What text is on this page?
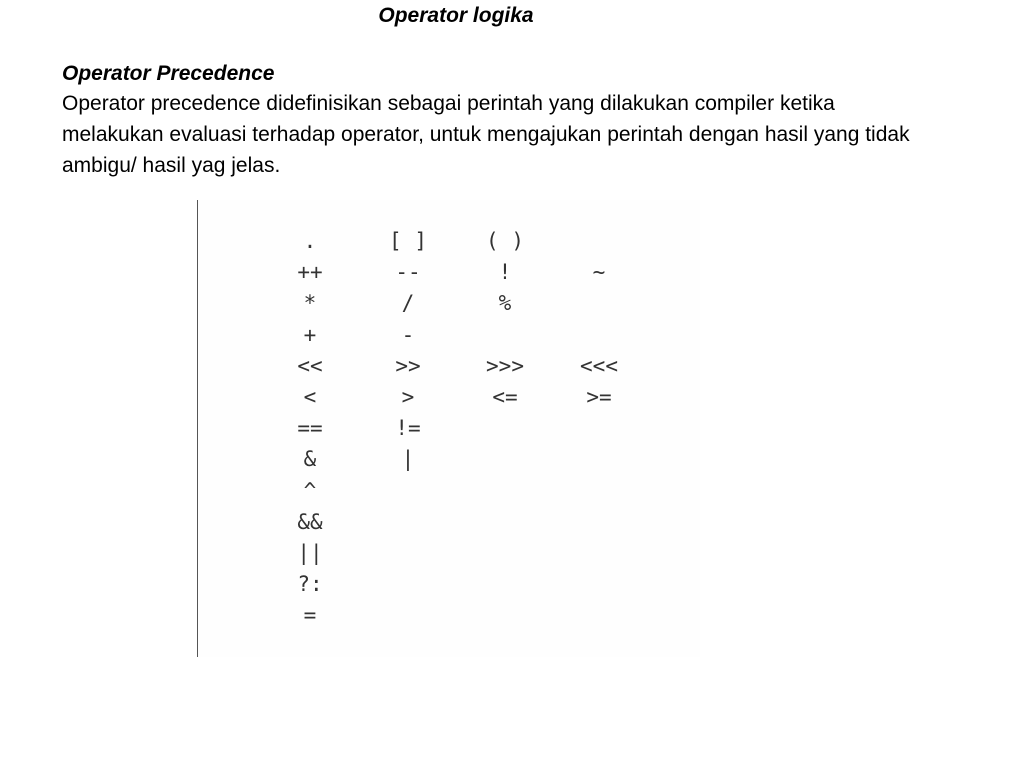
Operator logika
Operator Precedence
Operator precedence didefinisikan sebagai perintah yang dilakukan compiler ketika melakukan evaluasi terhadap operator, untuk mengajukan perintah dengan hasil yang tidak ambigu/ hasil yag jelas.
.	[ ]	( )
++	--	!	~
*	/	%
+	-
<<	>>	>>>	<<<
<	>	<=	>=
==	!=
&	|
^
&&
||
?:
=
